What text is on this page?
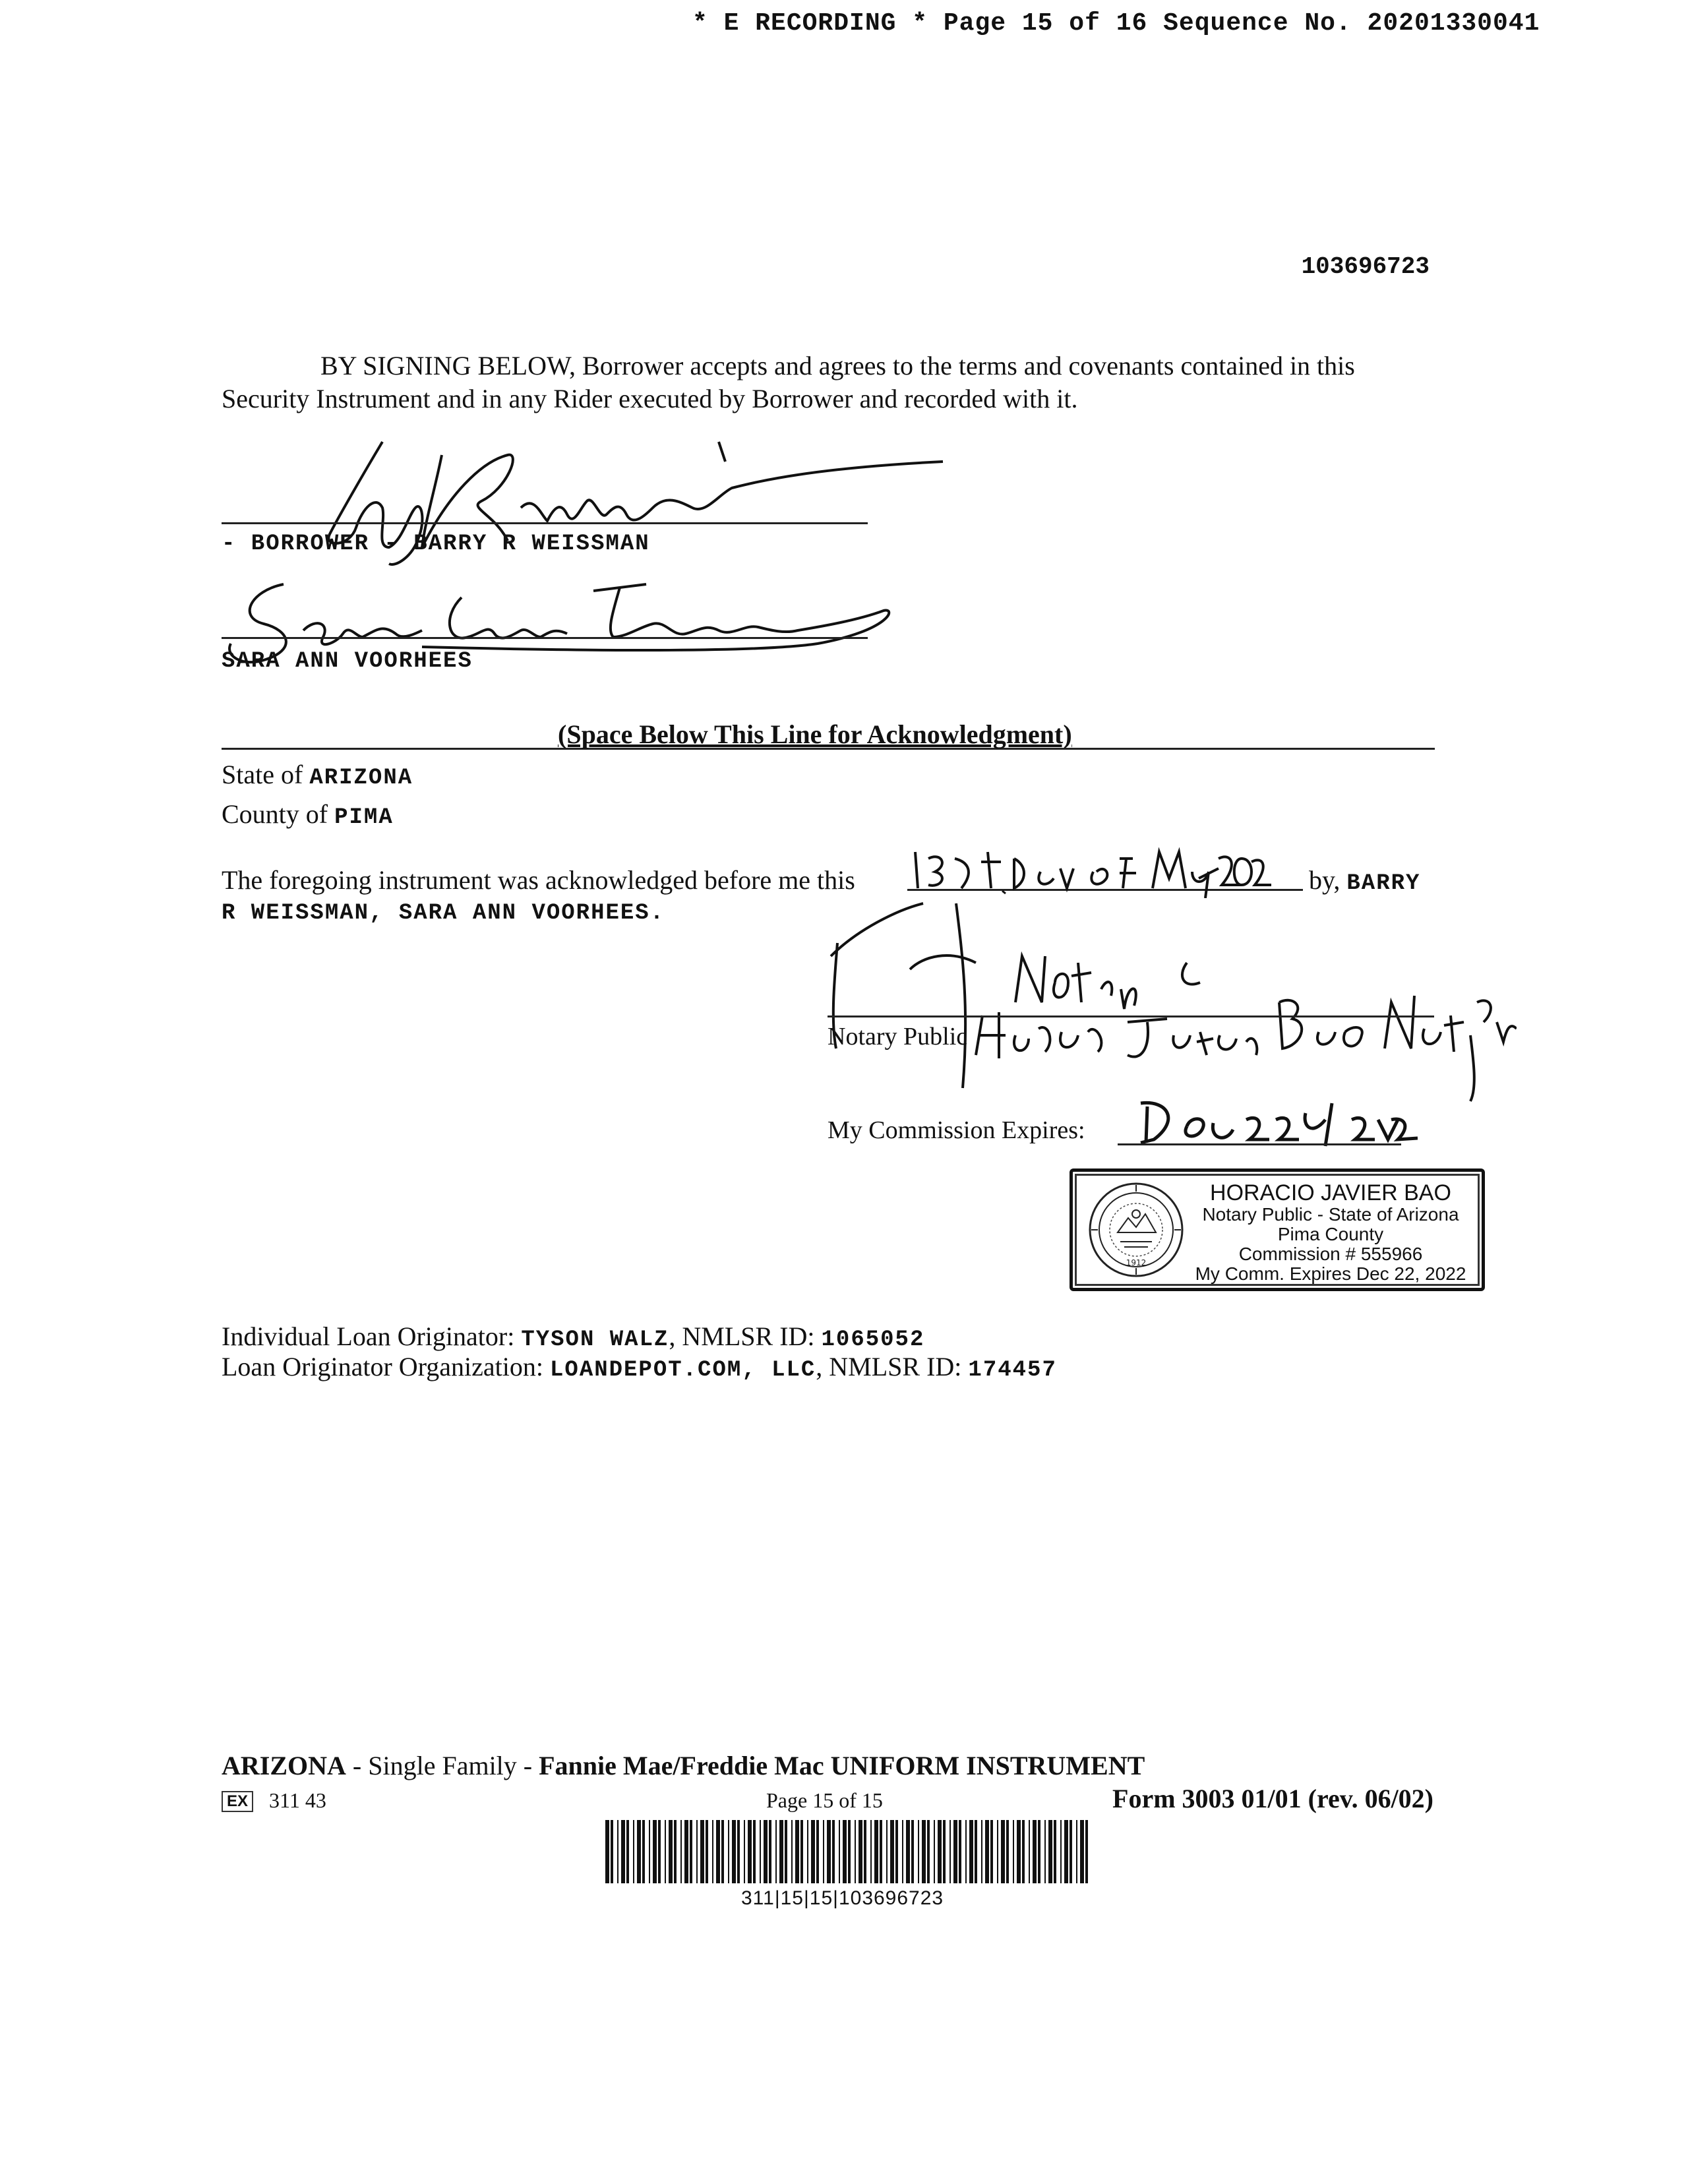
* E RECORDING * Page 15 of 16 Sequence No. 20201330041
103696723
BY SIGNING BELOW, Borrower accepts and agrees to the terms and covenants contained in this
Security Instrument and in any Rider executed by Borrower and recorded with it.
- BORROWER - BARRY R WEISSMAN
SARA ANN VOORHEES
(Space Below This Line for Acknowledgment)
State of ARIZONA
County of PIMA
The foregoing instrument was acknowledged before me this	by, BARRY
R WEISSMAN, SARA ANN VOORHEES.
Notary Public
My Commission Expires:
1912
HORACIO JAVIER BAO
Notary Public - State of Arizona
Pima County
Commission # 555966
My Comm. Expires Dec 22, 2022
Individual Loan Originator: TYSON WALZ, NMLSR ID: 1065052
Loan Originator Organization: LOANDEPOT.COM, LLC, NMLSR ID: 174457
ARIZONA - Single Family - Fannie Mae/Freddie Mac UNIFORM INSTRUMENT
EX 311 43	Page 15 of 15	Form 3003 01/01 (rev. 06/02)
311|15|15|103696723
